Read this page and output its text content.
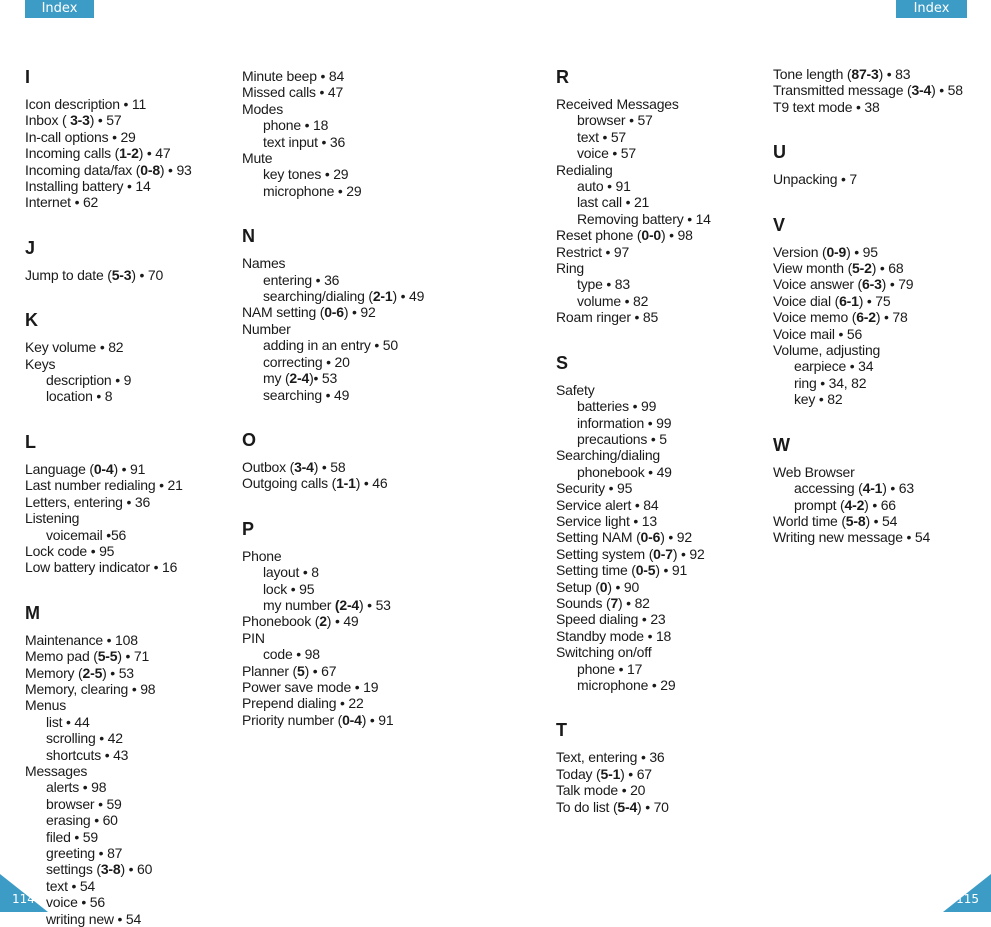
Index	Index
I
Icon description • 11
Inbox ( 3-3) • 57
In-call options • 29
Incoming calls (1-2) • 47
Incoming data/fax (0-8) • 93
Installing battery • 14
Internet • 62
J
Jump to date (5-3) • 70
K
Key volume • 82
Keys
description • 9
location • 8
L
Language (0-4) • 91
Last number redialing • 21
Letters, entering • 36
Listening
voicemail •56
Lock code • 95
Low battery indicator • 16
M
Maintenance • 108
Memo pad (5-5) • 71
Memory (2-5) • 53
Memory, clearing • 98
Menus
list • 44
scrolling • 42
shortcuts • 43
Messages
alerts • 98
browser • 59
erasing • 60
filed • 59
greeting • 87
settings (3-8) • 60
text • 54
voice • 56
writing new • 54
Minute beep • 84
Missed calls • 47
Modes
phone • 18
text input • 36
Mute
key tones • 29
microphone • 29
N
Names
entering • 36
searching/dialing (2-1) • 49
NAM setting (0-6) • 92
Number
adding in an entry • 50
correcting • 20
my (2-4)• 53
searching • 49
O
Outbox (3-4) • 58
Outgoing calls (1-1) • 46
P
Phone
layout • 8
lock • 95
my number (2-4) • 53
Phonebook (2) • 49
PIN
code • 98
Planner (5) • 67
Power save mode • 19
Prepend dialing • 22
Priority number (0-4) • 91
R
Received Messages
browser • 57
text • 57
voice • 57
Redialing
auto • 91
last call • 21
Removing battery • 14
Reset phone (0-0) • 98
Restrict • 97
Ring
type • 83
volume • 82
Roam ringer • 85
S
Safety
batteries • 99
information • 99
precautions • 5
Searching/dialing
phonebook • 49
Security • 95
Service alert • 84
Service light • 13
Setting NAM (0-6) • 92
Setting system (0-7) • 92
Setting time (0-5) • 91
Setup (0) • 90
Sounds (7) • 82
Speed dialing • 23
Standby mode • 18
Switching on/off
phone • 17
microphone • 29
T
Text, entering • 36
Today (5-1) • 67
Talk mode • 20
To do list (5-4) • 70
Tone length (87-3) • 83
Transmitted message (3-4) • 58
T9 text mode • 38
U
Unpacking • 7
V
Version (0-9) • 95
View month (5-2) • 68
Voice answer (6-3) • 79
Voice dial (6-1) • 75
Voice memo (6-2) • 78
Voice mail • 56
Volume, adjusting
earpiece • 34
ring • 34, 82
key • 82
W
Web Browser
accessing (4-1) • 63
prompt (4-2) • 66
World time (5-8) • 54
Writing new message • 54
114	115
